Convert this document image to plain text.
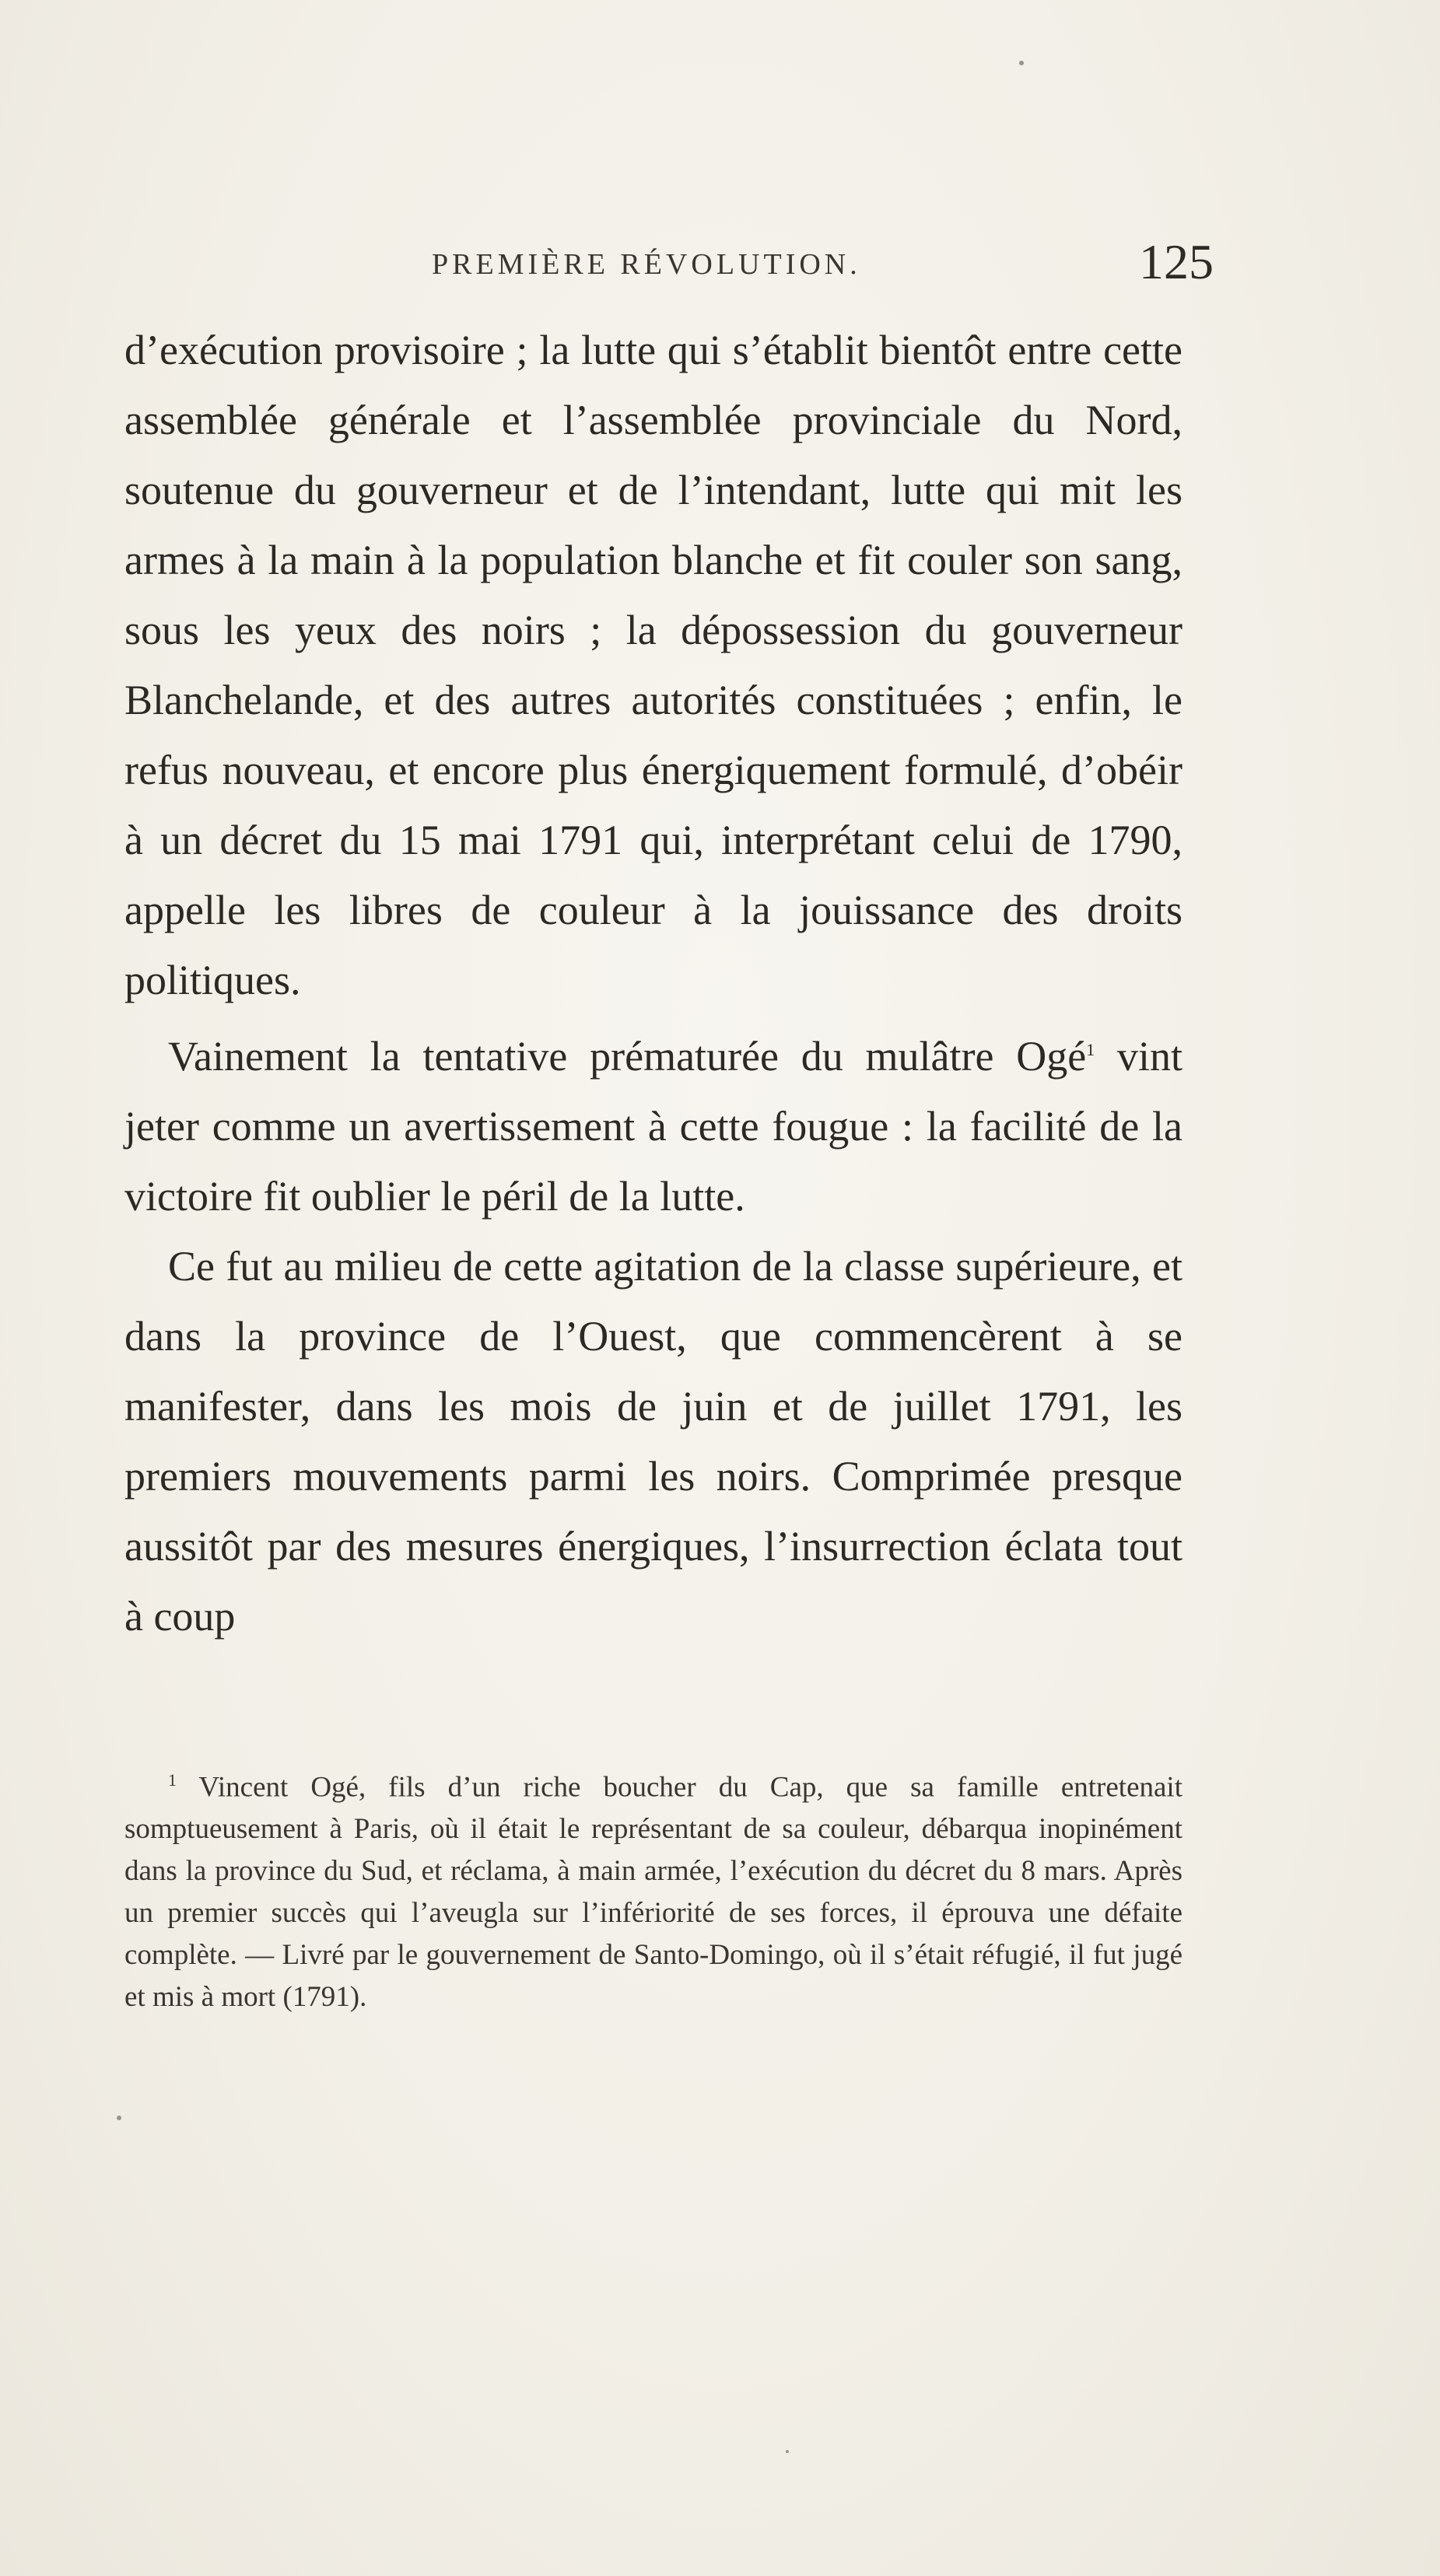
PREMIÈRE RÉVOLUTION.	125

d’exécution provisoire ; la lutte qui s’établit bientôt entre cette assemblée générale et l’assemblée provinciale du Nord, soutenue du gouverneur et de l’intendant, lutte qui mit les armes à la main à la population blanche et fit couler son sang, sous les yeux des noirs ; la dépossession du gouverneur Blanchelande, et des autres autorités constituées ; enfin, le refus nouveau, et encore plus énergiquement formulé, d’obéir à un décret du 15 mai 1791 qui, interprétant celui de 1790, appelle les libres de couleur à la jouissance des droits politiques.

Vainement la tentative prématurée du mulâtre Ogé$^1$ vint jeter comme un avertissement à cette fougue : la facilité de la victoire fit oublier le péril de la lutte.

Ce fut au milieu de cette agitation de la classe supérieure, et dans la province de l’Ouest, que commencèrent à se manifester, dans les mois de juin et de juillet 1791, les premiers mouvements parmi les noirs. Comprimée presque aussitôt par des mesures énergiques, l’insurrection éclata tout à coup

$^1$ Vincent Ogé, fils d’un riche boucher du Cap, que sa famille entretenait somptueusement à Paris, où il était le représentant de sa couleur, débarqua inopinément dans la province du Sud, et réclama, à main armée, l’exécution du décret du 8 mars. Après un premier succès qui l’aveugla sur l’infériorité de ses forces, il éprouva une défaite complète. — Livré par le gouvernement de Santo-Domingo, où il s’était réfugié, il fut jugé et mis à mort (1791).
